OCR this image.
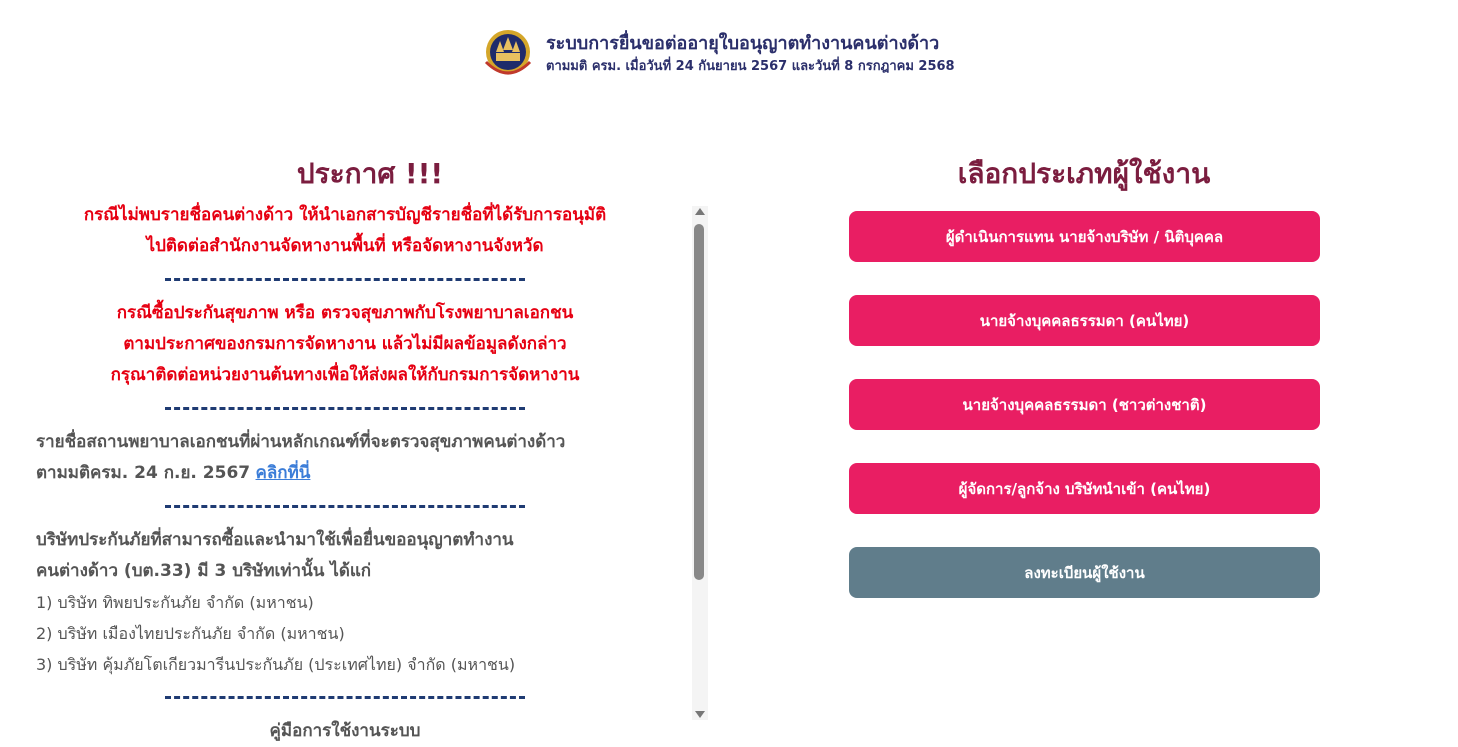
ระบบการยื่นขอต่ออายุใบอนุญาตทำงานคนต่างด้าว
ตามมติ ครม. เมื่อวันที่ 24 กันยายน 2567 และวันที่ 8 กรกฎาคม 2568
ประกาศ !!!
กรณีไม่พบรายชื่อคนต่างด้าว ให้นำเอกสารบัญชีรายชื่อที่ได้รับการอนุมัติ
ไปติดต่อสำนักงานจัดหางานพื้นที่ หรือจัดหางานจังหวัด
กรณีซื้อประกันสุขภาพ หรือ ตรวจสุขภาพกับโรงพยาบาลเอกชน
ตามประกาศของกรมการจัดหางาน แล้วไม่มีผลข้อมูลดังกล่าว
กรุณาติดต่อหน่วยงานต้นทางเพื่อให้ส่งผลให้กับกรมการจัดหางาน
รายชื่อสถานพยาบาลเอกชนที่ผ่านหลักเกณฑ์ที่จะตรวจสุขภาพคนต่างด้าว
ตามมติครม. 24 ก.ย. 2567 คลิกที่นี่
บริษัทประกันภัยที่สามารถซื้อและนำมาใช้เพื่อยื่นขออนุญาตทำงาน
คนต่างด้าว (บต.33) มี 3 บริษัทเท่านั้น ได้แก่
1) บริษัท ทิพยประกันภัย จำกัด (มหาชน)
2) บริษัท เมืองไทยประกันภัย จำกัด (มหาชน)
3) บริษัท คุ้มภัยโตเกียวมารีนประกันภัย (ประเทศไทย) จำกัด (มหาชน)
คู่มือการใช้งานระบบ
เลือกประเภทผู้ใช้งาน
ผู้ดำเนินการแทน นายจ้างบริษัท / นิติบุคคล
นายจ้างบุคคลธรรมดา (คนไทย)
นายจ้างบุคคลธรรมดา (ชาวต่างชาติ)
ผู้จัดการ/ลูกจ้าง บริษัทนำเข้า (คนไทย)
ลงทะเบียนผู้ใช้งาน
